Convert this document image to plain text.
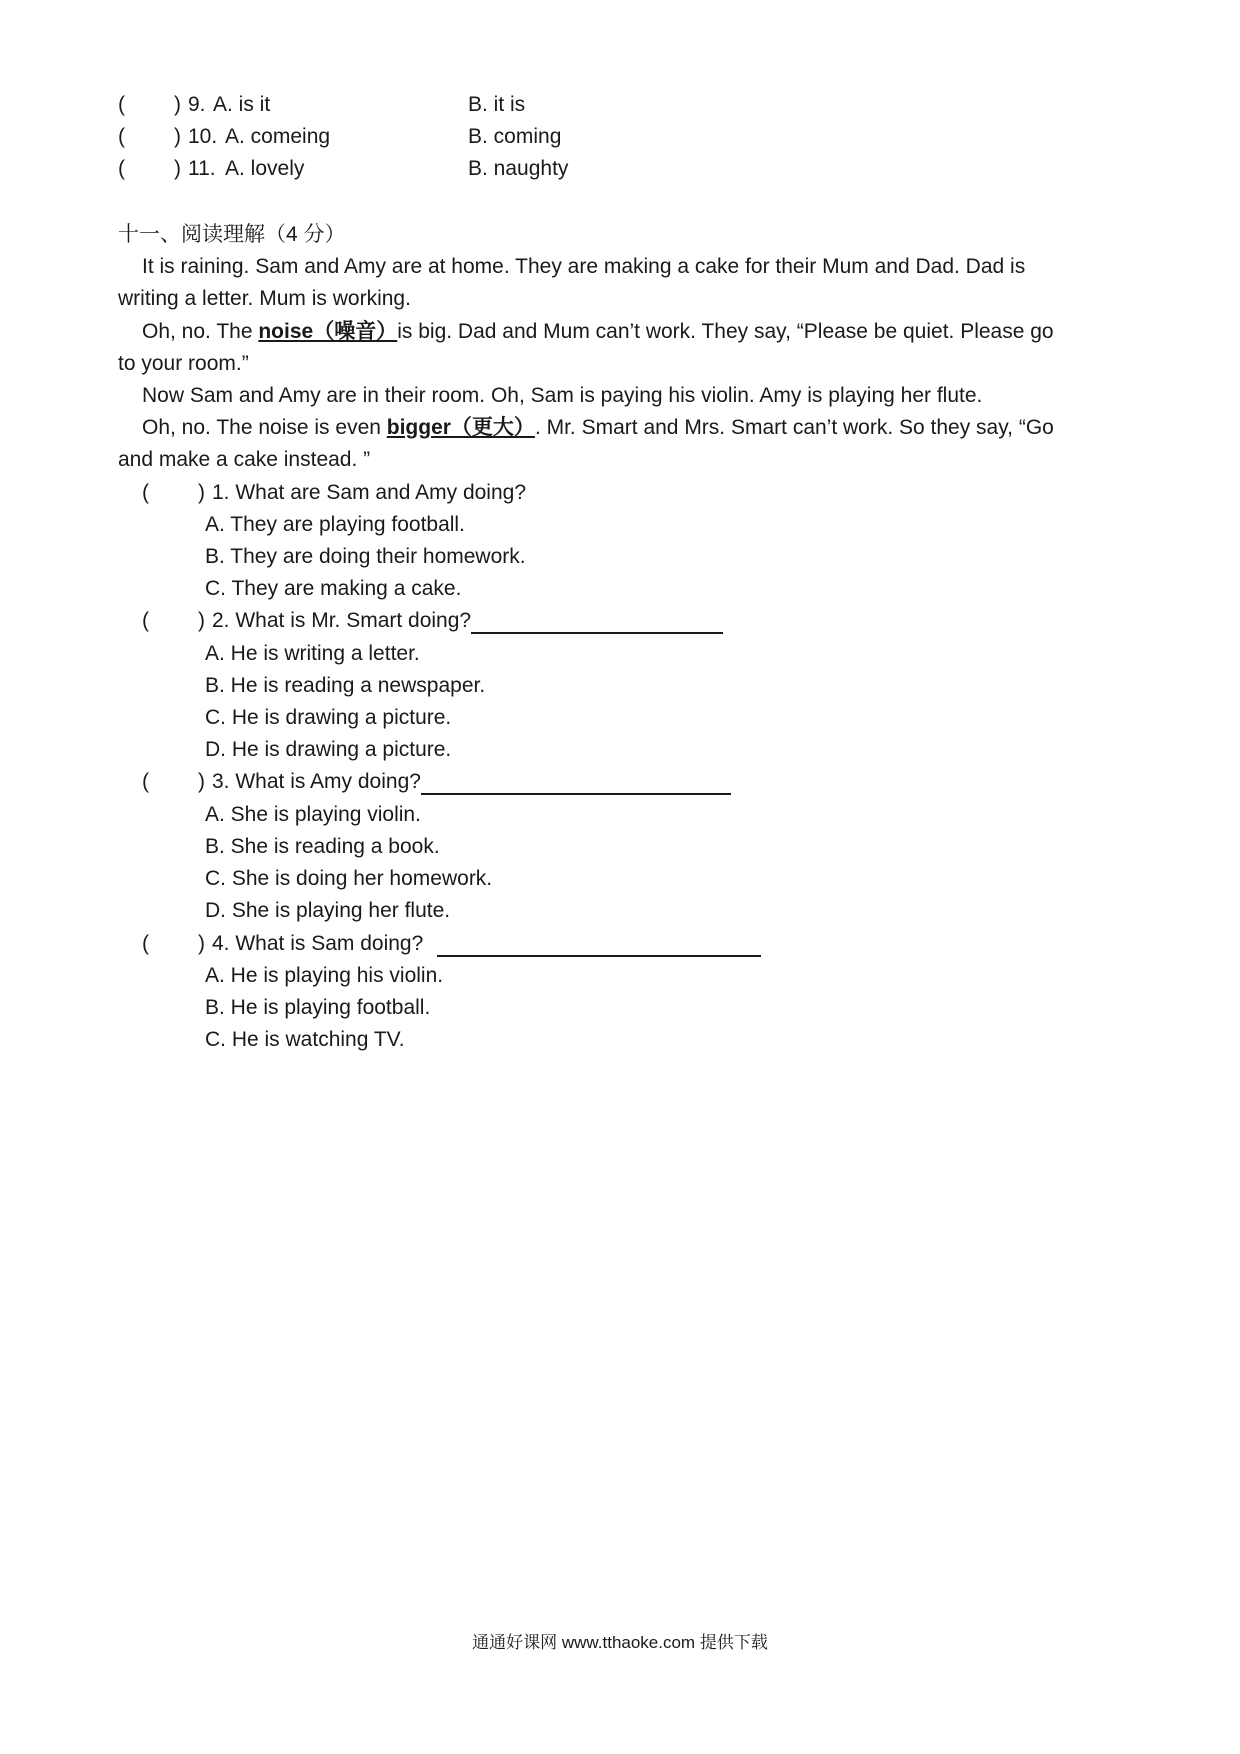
( ) 9. A. is it	B. it is
( ) 10. A. comeing	B. coming
( ) 11. A. lovely	B. naughty
十一、阅读理解（4 分）
It is raining. Sam and Amy are at home. They are making a cake for their Mum and Dad. Dad is
writing a letter. Mum is working.
Oh, no. The noise（噪音）is big. Dad and Mum can’t work. They say, “Please be quiet. Please go
to your room.”
Now Sam and Amy are in their room. Oh, Sam is paying his violin. Amy is playing her flute.
Oh, no. The noise is even bigger（更大）. Mr. Smart and Mrs. Smart can’t work. So they say, “Go
and make a cake instead. ”
( ) 1. What are Sam and Amy doing?
A. They are playing football.
B. They are doing their homework.
C. They are making a cake.
( ) 2. What is Mr. Smart doing?
A. He is writing a letter.
B. He is reading a newspaper.
C. He is drawing a picture.
D. He is drawing a picture.
( ) 3. What is Amy doing?
A. She is playing violin.
B. She is reading a book.
C. She is doing her homework.
D. She is playing her flute.
( ) 4. What is Sam doing?
A. He is playing his violin.
B. He is playing football.
C. He is watching TV.
通通好课网 www.tthaoke.com 提供下载
